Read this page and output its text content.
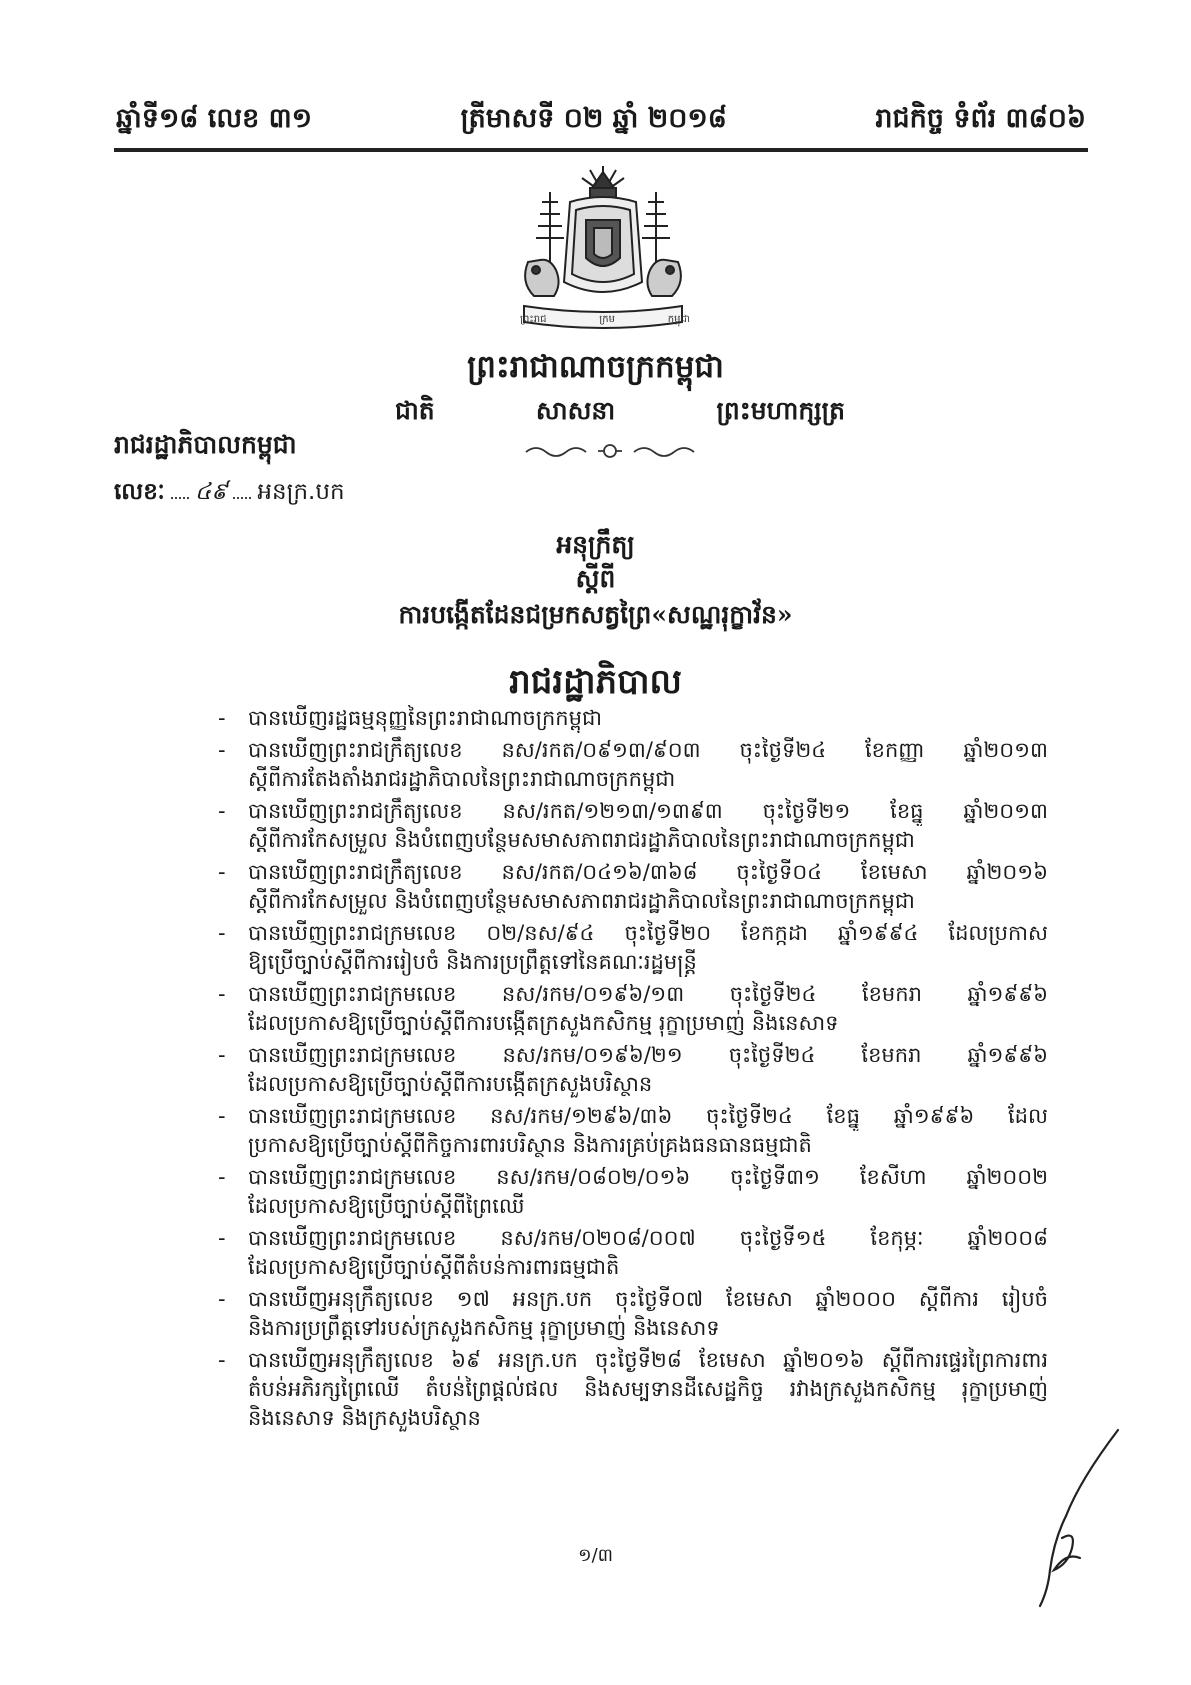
ឆ្នាំទី១៨ លេខ ៣១	ត្រីមាសទី ០២ ឆ្នាំ ២០១៨	រាជកិច្ច ទំព័រ ៣៨០៦
ព្រះរាជ	ក្រម	កម្ពុជា
ព្រះរាជាណាចក្រកម្ពុជា
ជាតិ	សាសនា	ព្រះមហាក្សត្រ
រាជរដ្ឋាភិបាលកម្ពុជា
លេខៈ ៤៩ អនក្រ.បក
អនុក្រឹត្យ
ស្តីពី
ការបង្កើតដែនជម្រកសត្វព្រៃ«សណ្ឋរុក្ខាវ័ន»
រាជរដ្ឋាភិបាល
- បានឃើញរដ្ឋធម្មនុញ្ញនៃព្រះរាជាណាចក្រកម្ពុជា
- បានឃើញព្រះរាជក្រឹត្យលេខ នស/រកត/០៩១៣/៩០៣ ចុះថ្ងៃទី២៤ ខែកញ្ញា ឆ្នាំ២០១៣
ស្តីពីការតែងតាំងរាជរដ្ឋាភិបាលនៃព្រះរាជាណាចក្រកម្ពុជា
- បានឃើញព្រះរាជក្រឹត្យលេខ នស/រកត/១២១៣/១៣៩៣ ចុះថ្ងៃទី២១ ខែធ្នូ ឆ្នាំ២០១៣
ស្តីពីការកែសម្រួល និងបំពេញបន្ថែមសមាសភាពរាជរដ្ឋាភិបាលនៃព្រះរាជាណាចក្រកម្ពុជា
- បានឃើញព្រះរាជក្រឹត្យលេខ នស/រកត/០៤១៦/៣៦៨ ចុះថ្ងៃទី០៤ ខែមេសា ឆ្នាំ២០១៦
ស្តីពីការកែសម្រួល និងបំពេញបន្ថែមសមាសភាពរាជរដ្ឋាភិបាលនៃព្រះរាជាណាចក្រកម្ពុជា
- បានឃើញព្រះរាជក្រមលេខ ០២/នស/៩៤ ចុះថ្ងៃទី២០ ខែកក្កដា ឆ្នាំ១៩៩៤ ដែលប្រកាស
ឱ្យប្រើច្បាប់ស្តីពីការរៀបចំ និងការប្រព្រឹត្តទៅនៃគណៈរដ្ឋមន្ត្រី
- បានឃើញព្រះរាជក្រមលេខ នស/រកម/០១៩៦/១៣ ចុះថ្ងៃទី២៤ ខែមករា ឆ្នាំ១៩៩៦
ដែលប្រកាសឱ្យប្រើច្បាប់ស្តីពីការបង្កើតក្រសួងកសិកម្ម រុក្ខាប្រមាញ់ និងនេសាទ
- បានឃើញព្រះរាជក្រមលេខ នស/រកម/០១៩៦/២១ ចុះថ្ងៃទី២៤ ខែមករា ឆ្នាំ១៩៩៦
ដែលប្រកាសឱ្យប្រើច្បាប់ស្តីពីការបង្កើតក្រសួងបរិស្ថាន
- បានឃើញព្រះរាជក្រមលេខ នស/រកម/១២៩៦/៣៦ ចុះថ្ងៃទី២៤ ខែធ្នូ ឆ្នាំ១៩៩៦ ដែល
ប្រកាសឱ្យប្រើច្បាប់ស្តីពីកិច្ចការពារបរិស្ថាន និងការគ្រប់គ្រងធនធានធម្មជាតិ
- បានឃើញព្រះរាជក្រមលេខ នស/រកម/០៨០២/០១៦ ចុះថ្ងៃទី៣១ ខែសីហា ឆ្នាំ២០០២
ដែលប្រកាសឱ្យប្រើច្បាប់ស្តីពីព្រៃឈើ
- បានឃើញព្រះរាជក្រមលេខ នស/រកម/០២០៨/០០៧ ចុះថ្ងៃទី១៥ ខែកុម្ភៈ ឆ្នាំ២០០៨
ដែលប្រកាសឱ្យប្រើច្បាប់ស្តីពីតំបន់ការពារធម្មជាតិ
- បានឃើញអនុក្រឹត្យលេខ ១៧ អនក្រ.បក ចុះថ្ងៃទី០៧ ខែមេសា ឆ្នាំ២០០០ ស្តីពីការ រៀបចំ
និងការប្រព្រឹត្តទៅរបស់ក្រសួងកសិកម្ម រុក្ខាប្រមាញ់ និងនេសាទ
- បានឃើញអនុក្រឹត្យលេខ ៦៩ អនក្រ.បក ចុះថ្ងៃទី២៨ ខែមេសា ឆ្នាំ២០១៦ ស្តីពីការផ្ទេរព្រៃការពារ
តំបន់អភិរក្សព្រៃឈើ តំបន់ព្រៃផ្តល់ផល និងសម្បទានដីសេដ្ឋកិច្ច រវាងក្រសួងកសិកម្ម រុក្ខាប្រមាញ់
និងនេសាទ និងក្រសួងបរិស្ថាន
១/៣
